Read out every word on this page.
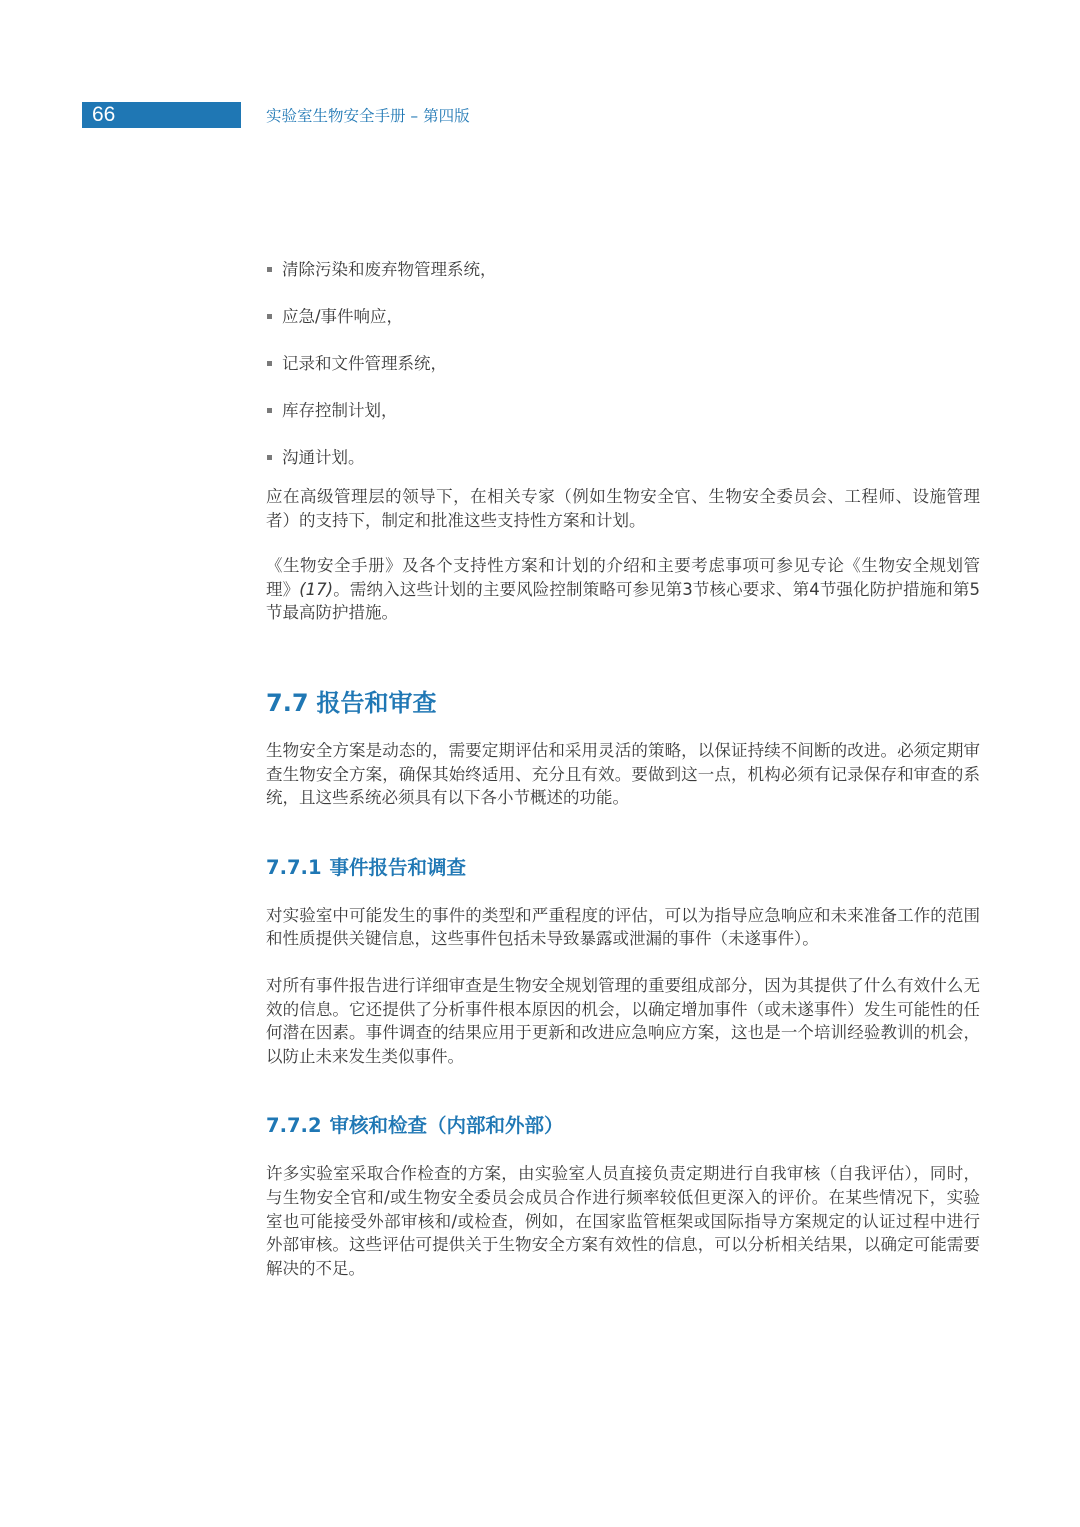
66	实验室生物安全手册 – 第四版
清除污染和废弃物管理系统，
应急/事件响应，
记录和文件管理系统，
库存控制计划，
沟通计划。

应在高级管理层的领导下，在相关专家（例如生物安全官、生物安全委员会、工程师、设施管理者）的支持下，制定和批准这些支持性方案和计划。

《生物安全手册》及各个支持性方案和计划的介绍和主要考虑事项可参见专论《生物安全规划管理》(17)。需纳入这些计划的主要风险控制策略可参见第3节核心要求、第4节强化防护措施和第5节最高防护措施。

7.7 报告和审查

生物安全方案是动态的，需要定期评估和采用灵活的策略，以保证持续不间断的改进。必须定期审查生物安全方案，确保其始终适用、充分且有效。要做到这一点，机构必须有记录保存和审查的系统，且这些系统必须具有以下各小节概述的功能。

7.7.1 事件报告和调查

对实验室中可能发生的事件的类型和严重程度的评估，可以为指导应急响应和未来准备工作的范围和性质提供关键信息，这些事件包括未导致暴露或泄漏的事件（未遂事件）。

对所有事件报告进行详细审查是生物安全规划管理的重要组成部分，因为其提供了什么有效什么无效的信息。它还提供了分析事件根本原因的机会，以确定增加事件（或未遂事件）发生可能性的任何潜在因素。事件调查的结果应用于更新和改进应急响应方案，这也是一个培训经验教训的机会，以防止未来发生类似事件。

7.7.2 审核和检查（内部和外部）

许多实验室采取合作检查的方案，由实验室人员直接负责定期进行自我审核（自我评估），同时，与生物安全官和/或生物安全委员会成员合作进行频率较低但更深入的评价。在某些情况下，实验室也可能接受外部审核和/或检查，例如，在国家监管框架或国际指导方案规定的认证过程中进行外部审核。这些评估可提供关于生物安全方案有效性的信息，可以分析相关结果，以确定可能需要解决的不足。
